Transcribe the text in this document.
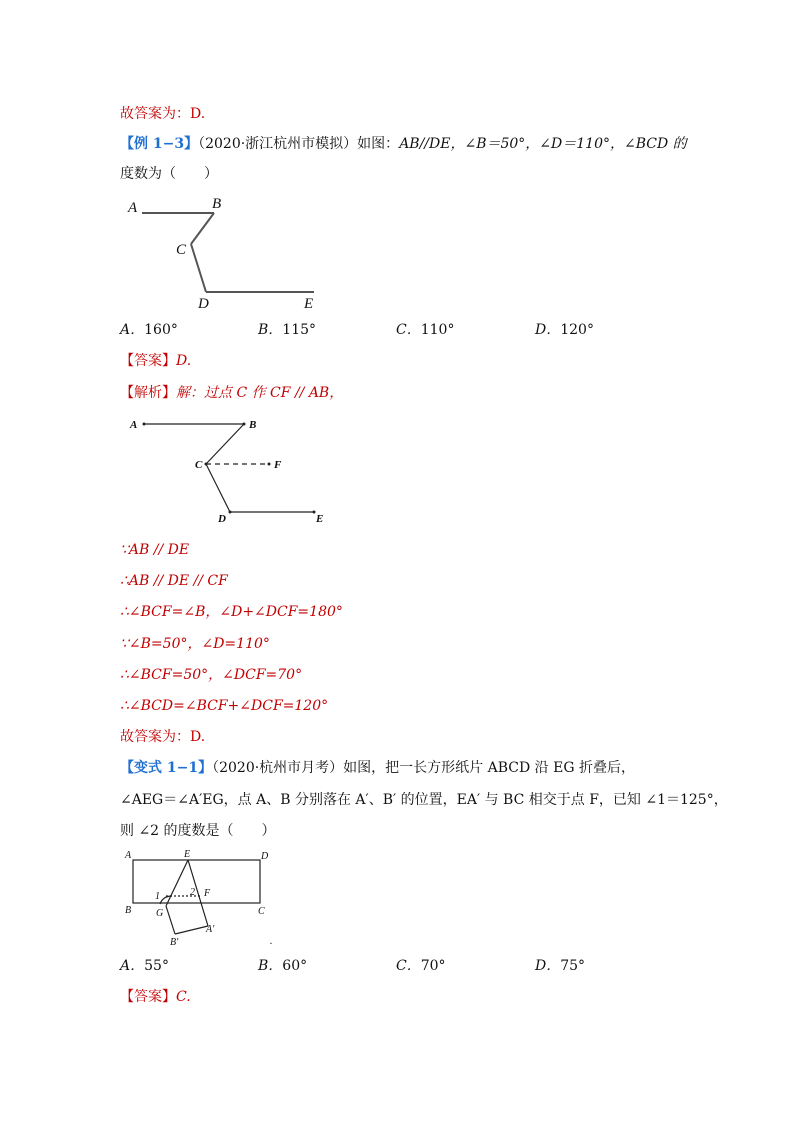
故答案为：D.
【例 1−3】（2020·浙江杭州市模拟）如图：AB//DE，∠B＝50°，∠D＝110°，∠BCD 的
度数为（　　）
A	B
C
D	E
A．160°	B．115°	C．110°	D．120°
【答案】D.
【解析】解：过点 C 作 CF // AB，
A	B
C	F
D	E
∵AB // DE
∴AB // DE // CF
∴∠BCF=∠B，∠D+∠DCF=180°
∵∠B=50°，∠D=110°
∴∠BCF=50°，∠DCF=70°
∴∠BCD=∠BCF+∠DCF=120°
故答案为：D.
【变式 1−1】（2020·杭州市月考）如图，把一长方形纸片 ABCD 沿 EG 折叠后，
∠AEG＝∠A′EG，点 A、B 分别落在 A′、B′ 的位置，EA′ 与 BC 相交于点 F，已知 ∠1＝125°，
则 ∠2 的度数是（　　）
A	E	D
1	2 F
B G	C
A′
B′	.
A．55°	B．60°	C．70°	D．75°
【答案】C.
